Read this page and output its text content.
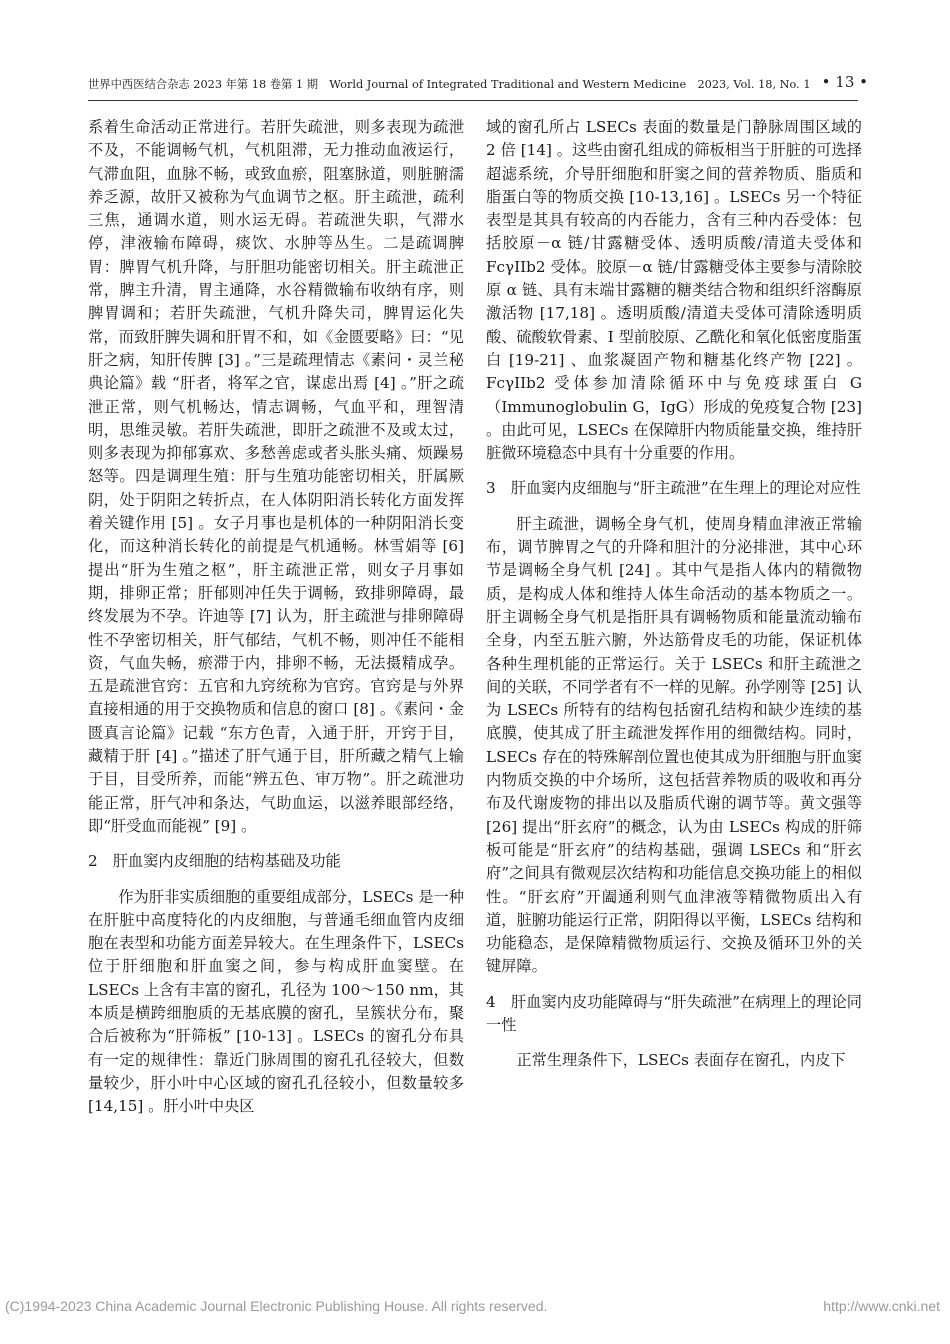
世界中西医结合杂志 2023 年第 18 卷第 1 期　World Journal of Integrated Traditional and Western Medicine　2023, Vol. 18, No. 1 • 13 •

系着生命活动正常进行。若肝失疏泄，则多表现为疏泄不及，不能调畅气机，气机阻滞，无力推动血液运行，气滞血阻，血脉不畅，或致血瘀，阻塞脉道，则脏腑濡养乏源，故肝又被称为气血调节之枢。肝主疏泄，疏利三焦，通调水道，则水运无碍。若疏泄失职，气滞水停，津液输布障碍，痰饮、水肿等丛生。二是疏调脾胃：脾胃气机升降，与肝胆功能密切相关。肝主疏泄正常，脾主升清，胃主通降，水谷精微输布收纳有序，则脾胃调和；若肝失疏泄，气机升降失司，脾胃运化失常，而致肝脾失调和肝胃不和，如《金匮要略》曰：“见肝之病，知肝传脾 [3] 。”三是疏理情志《素问・灵兰秘典论篇》载 “肝者，将军之官，谋虑出焉 [4] 。”肝之疏泄正常，则气机畅达，情志调畅，气血平和，理智清明，思维灵敏。若肝失疏泄，即肝之疏泄不及或太过，则多表现为抑郁寡欢、多愁善虑或者头胀头痛、烦躁易怒等。四是调理生殖：肝与生殖功能密切相关，肝属厥阴，处于阴阳之转折点，在人体阴阳消长转化方面发挥着关键作用 [5] 。女子月事也是机体的一种阴阳消长变化，而这种消长转化的前提是气机通畅。林雪娟等 [6] 提出“肝为生殖之枢”，肝主疏泄正常，则女子月事如期，排卵正常；肝郁则冲任失于调畅，致排卵障碍，最终发展为不孕。许迪等 [7] 认为，肝主疏泄与排卵障碍性不孕密切相关，肝气郁结，气机不畅，则冲任不能相资，气血失畅，瘀滞于内，排卵不畅，无法摄精成孕。五是疏泄官窍：五官和九窍统称为官窍。官窍是与外界直接相通的用于交换物质和信息的窗口 [8] 。《素问・金匮真言论篇》记载 “东方色青，入通于肝，开窍于目，藏精于肝 [4] 。”描述了肝气通于目，肝所藏之精气上输于目，目受所养，而能“辨五色、审万物”。肝之疏泄功能正常，肝气冲和条达，气助血运，以滋养眼部经络，即“肝受血而能视” [9] 。

2　肝血窦内皮细胞的结构基础及功能

作为肝非实质细胞的重要组成部分，LSECs 是一种在肝脏中高度特化的内皮细胞，与普通毛细血管内皮细胞在表型和功能方面差异较大。在生理条件下，LSECs 位于肝细胞和肝血窦之间，参与构成肝血窦壁。在 LSECs 上含有丰富的窗孔，孔径为 100～150 nm，其本质是横跨细胞质的无基底膜的窗孔，呈簇状分布，聚合后被称为“肝筛板” [10-13] 。LSECs 的窗孔分布具有一定的规律性：靠近门脉周围的窗孔孔径较大，但数量较少，肝小叶中心区域的窗孔孔径较小，但数量较多 [14,15] 。肝小叶中央区

域的窗孔所占 LSECs 表面的数量是门静脉周围区域的 2 倍 [14] 。这些由窗孔组成的筛板相当于肝脏的可选择超滤系统，介导肝细胞和肝窦之间的营养物质、脂质和脂蛋白等的物质交换 [10-13,16] 。LSECs 另一个特征表型是其具有较高的内吞能力，含有三种内吞受体：包括胶原－α 链/甘露糖受体、透明质酸/清道夫受体和 FcγIIb2 受体。胶原－α 链/甘露糖受体主要参与清除胶原 α 链、具有末端甘露糖的糖类结合物和组织纤溶酶原激活物 [17,18] 。透明质酸/清道夫受体可清除透明质酸、硫酸软骨素、I 型前胶原、乙酰化和氧化低密度脂蛋白 [19-21] 、血浆凝固产物和糖基化终产物 [22] 。FcγIIb2 受体参加清除循环中与免疫球蛋白 G（Immunoglobulin G，IgG）形成的免疫复合物 [23] 。由此可见，LSECs 在保障肝内物质能量交换，维持肝脏微环境稳态中具有十分重要的作用。

3　肝血窦内皮细胞与“肝主疏泄”在生理上的理论对应性

肝主疏泄，调畅全身气机，使周身精血津液正常输布，调节脾胃之气的升降和胆汁的分泌排泄，其中心环节是调畅全身气机 [24] 。其中气是指人体内的精微物质，是构成人体和维持人体生命活动的基本物质之一。肝主调畅全身气机是指肝具有调畅物质和能量流动输布全身，内至五脏六腑，外达筋骨皮毛的功能，保证机体各种生理机能的正常运行。关于 LSECs 和肝主疏泄之间的关联，不同学者有不一样的见解。孙学刚等 [25] 认为 LSECs 所特有的结构包括窗孔结构和缺少连续的基底膜，使其成了肝主疏泄发挥作用的细微结构。同时，LSECs 存在的特殊解剖位置也使其成为肝细胞与肝血窦内物质交换的中介场所，这包括营养物质的吸收和再分布及代谢废物的排出以及脂质代谢的调节等。黄文强等 [26] 提出“肝玄府”的概念，认为由 LSECs 构成的肝筛板可能是“肝玄府”的结构基础，强调 LSECs 和“肝玄府”之间具有微观层次结构和功能信息交换功能上的相似性。“肝玄府”开阖通利则气血津液等精微物质出入有道，脏腑功能运行正常，阴阳得以平衡，LSECs 结构和功能稳态，是保障精微物质运行、交换及循环卫外的关键屏障。

4　肝血窦内皮功能障碍与“肝失疏泄”在病理上的理论同一性

正常生理条件下，LSECs 表面存在窗孔，内皮下

(C)1994-2023 China Academic Journal Electronic Publishing House. All rights reserved.	http://www.cnki.net
